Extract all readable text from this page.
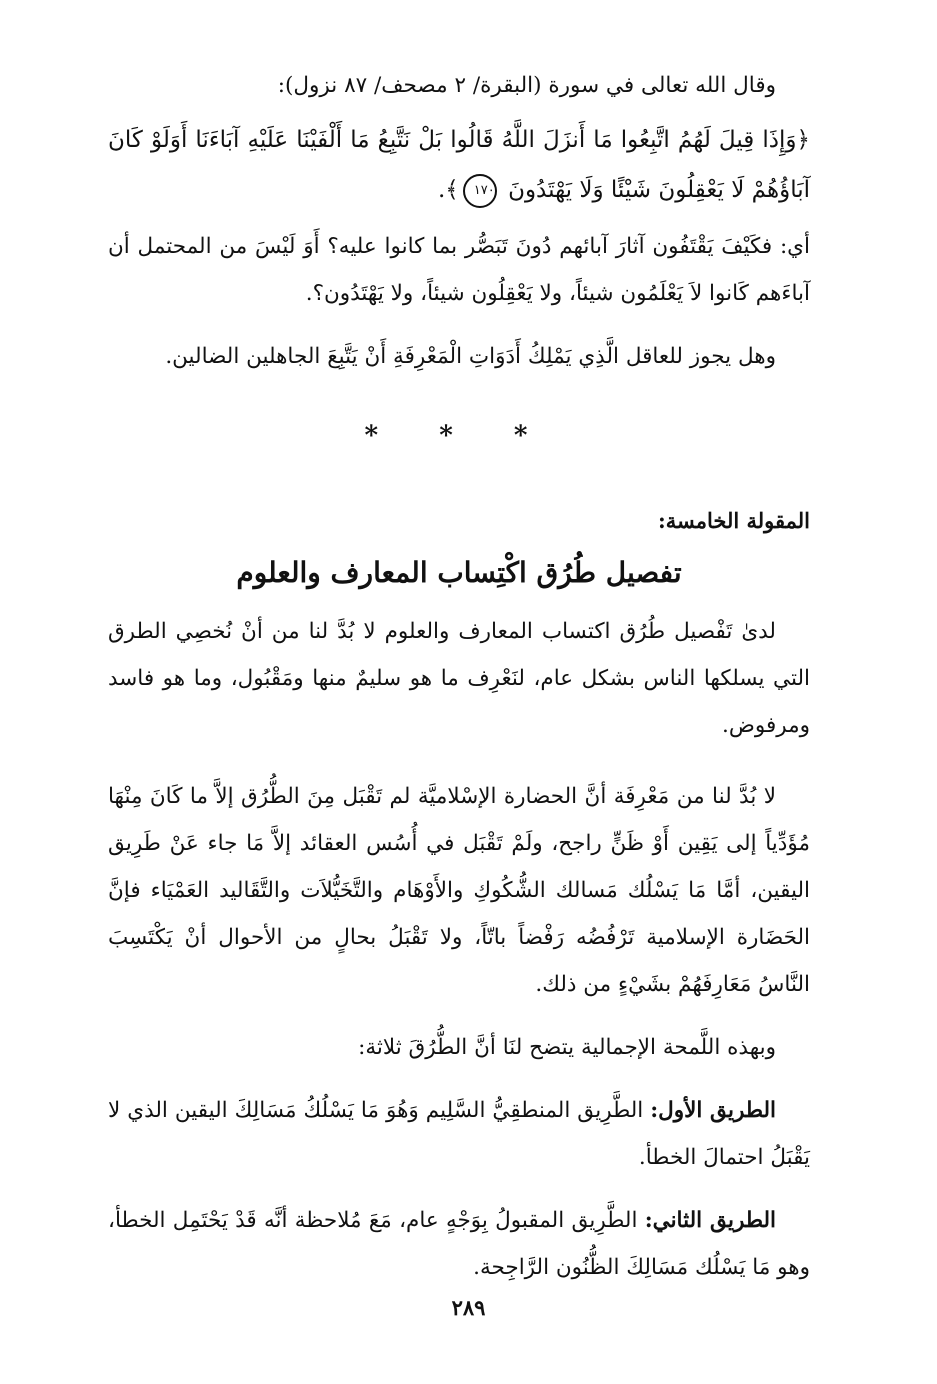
وقال الله تعالى في سورة (البقرة/ ٢ مصحف/ ٨٧ نزول):

﴿وَإِذَا قِيلَ لَهُمُ اتَّبِعُوا مَا أَنزَلَ اللَّهُ قَالُوا بَلْ نَتَّبِعُ مَا أَلْفَيْنَا عَلَيْهِ آبَاءَنَا أَوَلَوْ كَانَ آبَاؤُهُمْ لَا يَعْقِلُونَ شَيْئًا وَلَا يَهْتَدُونَ ١٧٠﴾.

أي: فكَيْفَ يَقْتَفُون آثارَ آبائهم دُونَ تَبَصُّر بما كانوا عليه؟ أَوَ لَيْسَ من المحتمل أن آباءَهم كَانوا لاَ يَعْلَمُون شيئاً، ولا يَعْقِلُون شيئاً، ولا يَهْتَدُون؟.

وهل يجوز للعاقل الَّذِي يَمْلِكُ أَدَوَاتِ الْمَعْرِفَةِ أَنْ يَتَّبِعَ الجاهلين الضالين.

* * *

المقولة الخامسة:

تفصيل طُرُق اكْتِساب المعارف والعلوم

لدىٰ تَفْصيل طُرُق اكتساب المعارف والعلوم لا بُدَّ لنا من أنْ نُخصِي الطرق التي يسلكها الناس بشكل عام، لنَعْرِف ما هو سليمٌ منها ومَقْبُول، وما هو فاسد ومرفوض.

لا بُدَّ لنا من مَعْرِفَة أنَّ الحضارة الإسْلاميَّة لم تَقْبَل مِنَ الطُّرُق إلاَّ ما كَانَ مِنْهَا مُؤَدِّياً إلى يَقِين أَوْ ظَنٍّ راجح، ولَمْ تَقْبَل في أُسُس العقائد إلاَّ مَا جاء عَنْ طَرِيق اليقين، أمَّا مَا يَسْلُك مَسالك الشُّكُوكِ والأَوْهَام والتَّخَيُّلاَت والتَّقَاليد العَمْيَاء فإنَّ الحَضَارة الإسلامية تَرْفُضُه رَفْضاً باتّاً، ولا تَقْبَلُ بحالٍ من الأحوال أنْ يَكْتَسِبَ النَّاسُ مَعَارِفَهُمْ بشَيْءٍ من ذلك.

وبهذه اللَّمحة الإجمالية يتضح لنَا أنَّ الطُّرُقَ ثلاثة:

الطريق الأول: الطَّرِيق المنطقِيُّ السَّلِيم وَهُوَ مَا يَسْلُكُ مَسَالِكَ اليقين الذي لا يَقْبَلُ احتمالَ الخطأ.

الطريق الثاني: الطَّرِيق المقبولُ بِوَجْهٍ عام، مَعَ مُلاحظة أنَّه قَدْ يَحْتَمِل الخطأ، وهو مَا يَسْلُك مَسَالِكَ الظُّنُون الرَّاجِحة.

٢٨٩
